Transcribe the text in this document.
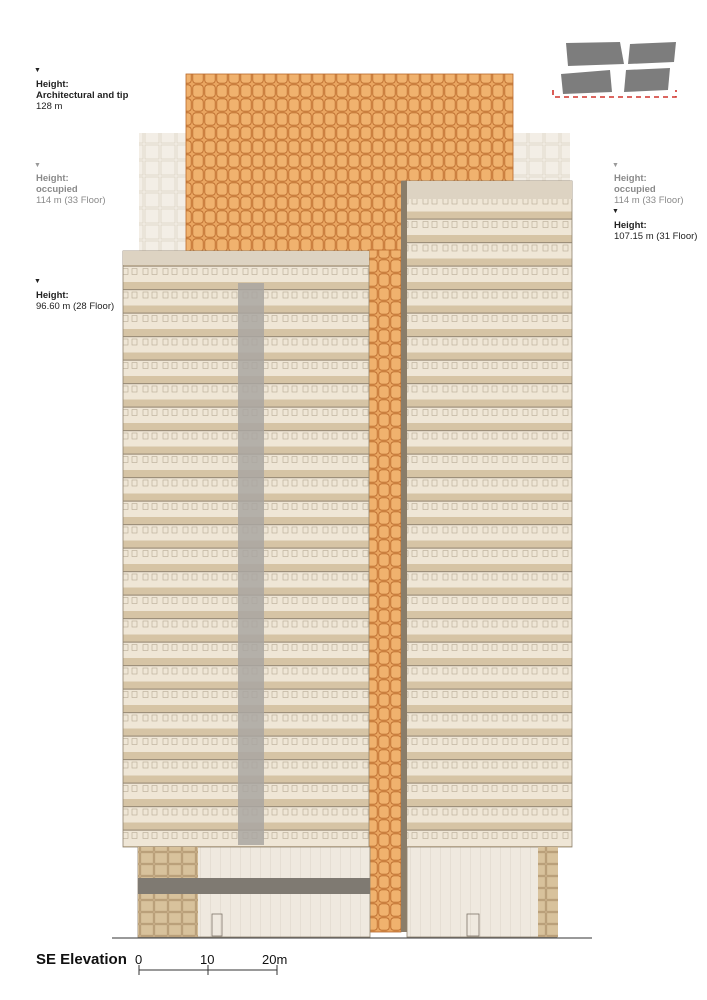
▼
Height:
Architectural and tip
128 m
▼
Height:
occupied
114 m (33 Floor)
▼
Height:
96.60 m (28 Floor)
▼
Height:
occupied
114 m (33 Floor)
▼
Height:
107.15 m (31 Floor)
SE Elevation 0	10	20m
